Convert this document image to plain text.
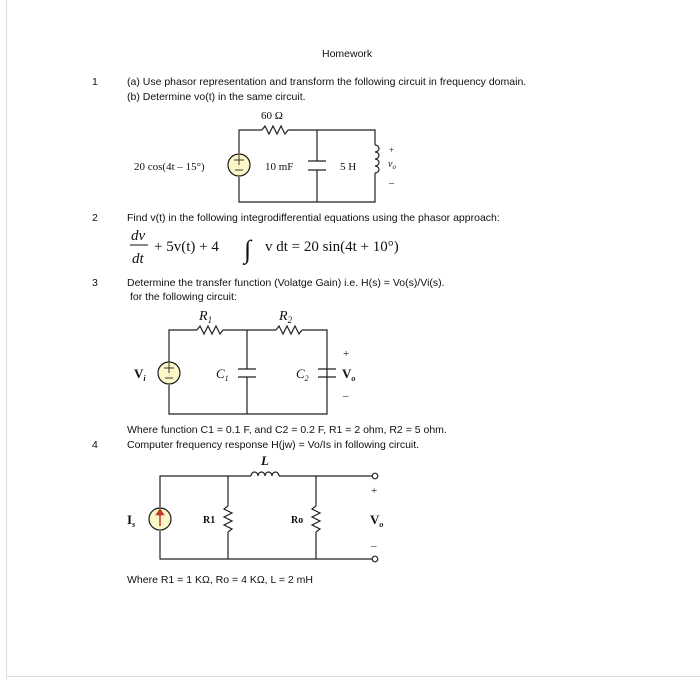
Homework
1	(a) Use phasor representation and transform the following circuit in frequency domain.
(b) Determine vo(t) in the same circuit.
2	Find v(t) in the following integrodifferential equations using the phasor approach:
3	Determine the transfer function (Volatge Gain) i.e. H(s) = Vo(s)/Vi(s).
for the following circuit:
Where function C1 = 0.1 F, and C2 = 0.2 F, R1 = 2 ohm, R2 = 5 ohm.
4	Computer frequency response H(jw) = Vo/Is in following circuit.
Where R1 = 1 KΩ, Ro = 4 KΩ, L = 2 mH
60 Ω
20 cos(4t – 15°)	10 mF	5 H
+
$v_o$
–
dv
dt
+ 5v(t) + 4 ∫ v dt = 20 sin(4t + 10°)
$R_1$	$R_2$
$V_i$	$C_1$	$C_2$	$V_o$
+
–
L
$I_s$	R1	Ro	$V_o$
+
–
